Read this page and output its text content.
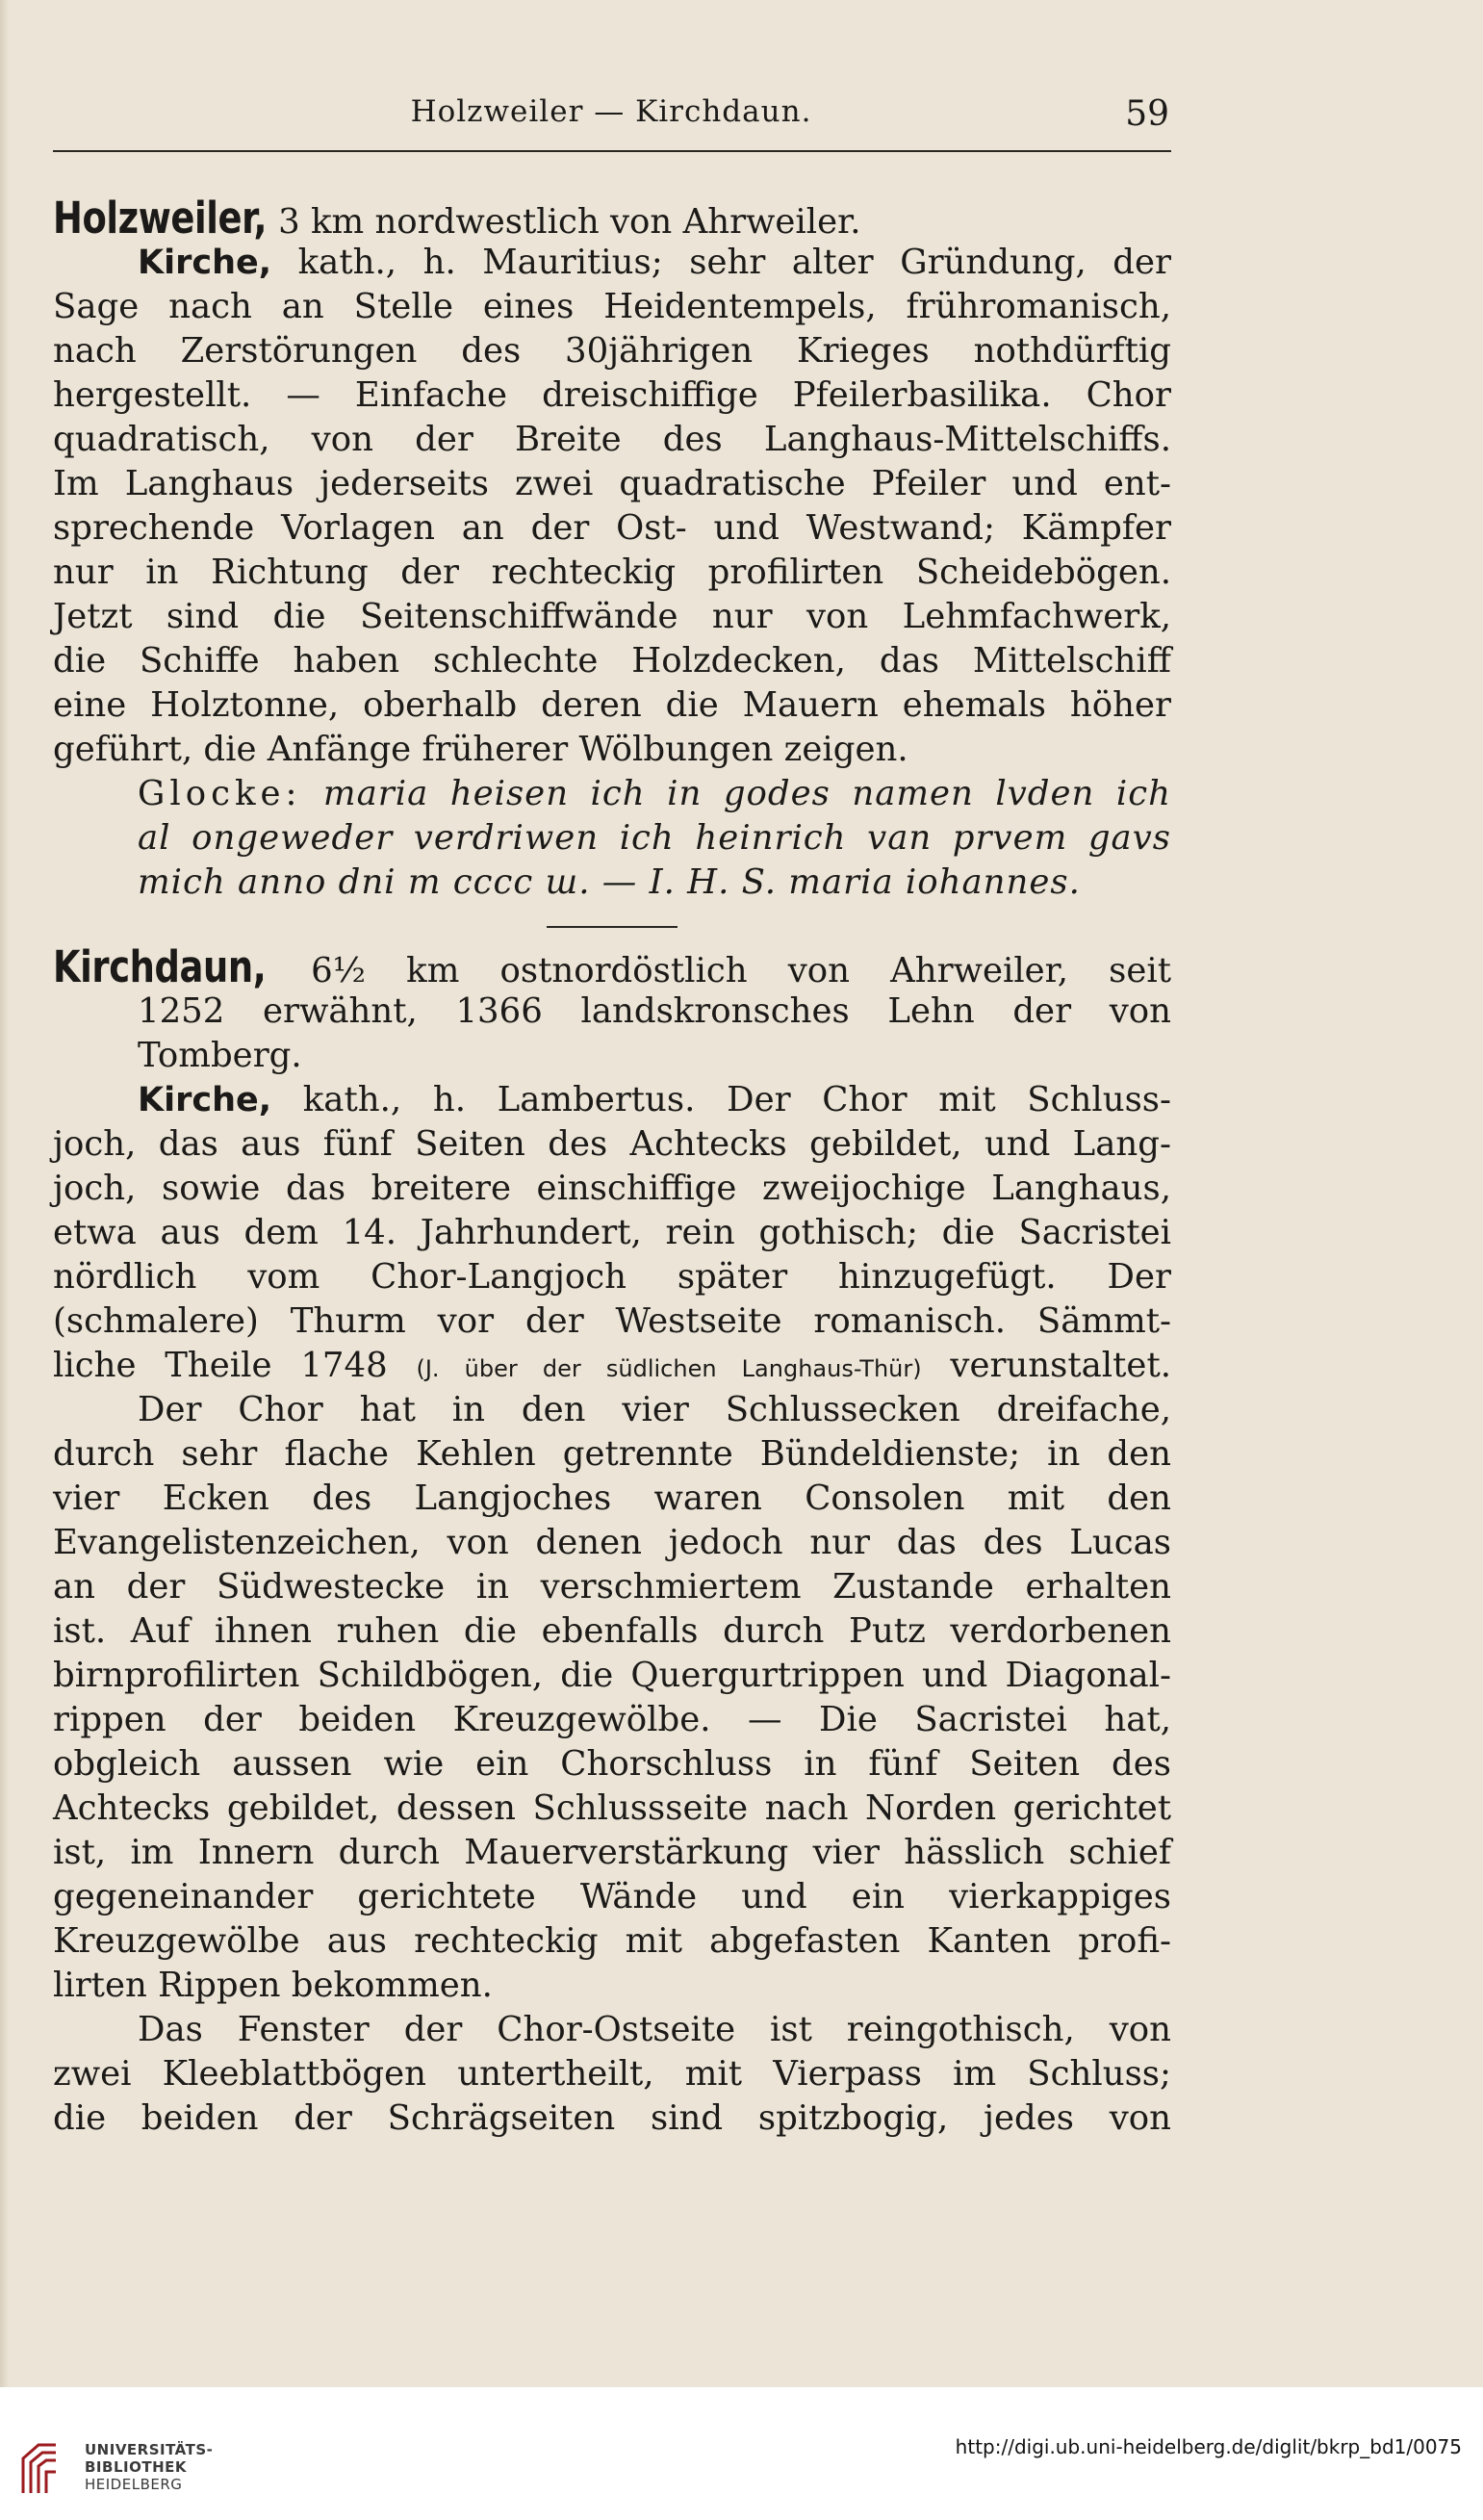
Holzweiler — Kirchdaun.	59
Holzweiler, 3 km nordwestlich von Ahrweiler.
Kirche, kath., h. Mauritius; sehr alter Gründung, der
Sage nach an Stelle eines Heidentempels, frühromanisch,
nach Zerstörungen des 30jährigen Krieges nothdürftig
hergestellt. — Einfache dreischiffige Pfeilerbasilika. Chor
quadratisch, von der Breite des Langhaus-Mittelschiffs.
Im Langhaus jederseits zwei quadratische Pfeiler und ent-
sprechende Vorlagen an der Ost- und Westwand; Kämpfer
nur in Richtung der rechteckig profilirten Scheidebögen.
Jetzt sind die Seitenschiffwände nur von Lehmfachwerk,
die Schiffe haben schlechte Holzdecken, das Mittelschiff
eine Holztonne, oberhalb deren die Mauern ehemals höher
geführt, die Anfänge früherer Wölbungen zeigen.
Glocke: maria heisen ich in godes namen lvden ich
al ongewedеr verdriwen ich heinrich van prvem gavs
mich anno dni m cccc ш. — I. H. S. maria iohannes.
Kirchdaun, 6½ km ostnordöstlich von Ahrweiler, seit
1252 erwähnt, 1366 landskronsches Lehn der von
Tomberg.
Kirche, kath., h. Lambertus. Der Chor mit Schluss-
joch, das aus fünf Seiten des Achtecks gebildet, und Lang-
joch, sowie das breitere einschiffige zweijochige Langhaus,
etwa aus dem 14. Jahrhundert, rein gothisch; die Sacristei
nördlich vom Chor-Langjoch später hinzugefügt. Der
(schmalere) Thurm vor der Westseite romanisch. Sämmt-
liche Theile 1748 (J. über der südlichen Langhaus-Thür) verunstaltet.
Der Chor hat in den vier Schlussecken dreifache,
durch sehr flache Kehlen getrennte Bündeldienste; in den
vier Ecken des Langjoches waren Consolen mit den
Evangelistenzeichen, von denen jedoch nur das des Lucas
an der Südwestecke in verschmiertem Zustande erhalten
ist. Auf ihnen ruhen die ebenfalls durch Putz verdorbenen
birnprofilirten Schildbögen, die Quergurtrippen und Diagonal-
rippen der beiden Kreuzgewölbe. — Die Sacristei hat,
obgleich aussen wie ein Chorschluss in fünf Seiten des
Achtecks gebildet, dessen Schlussseite nach Norden gerichtet
ist, im Innern durch Mauerverstärkung vier hässlich schief
gegeneinander gerichtete Wände und ein vierkappiges
Kreuzgewölbe aus rechteckig mit abgefasten Kanten profi-
lirten Rippen bekommen.
Das Fenster der Chor-Ostseite ist reingothisch, von
zwei Kleeblattbögen untertheilt, mit Vierpass im Schluss;
die beiden der Schrägseiten sind spitzbogig, jedes von
UNIVERSITÄTS-
BIBLIOTHEK
HEIDELBERG
http://digi.ub.uni-heidelberg.de/diglit/bkrp_bd1/0075
